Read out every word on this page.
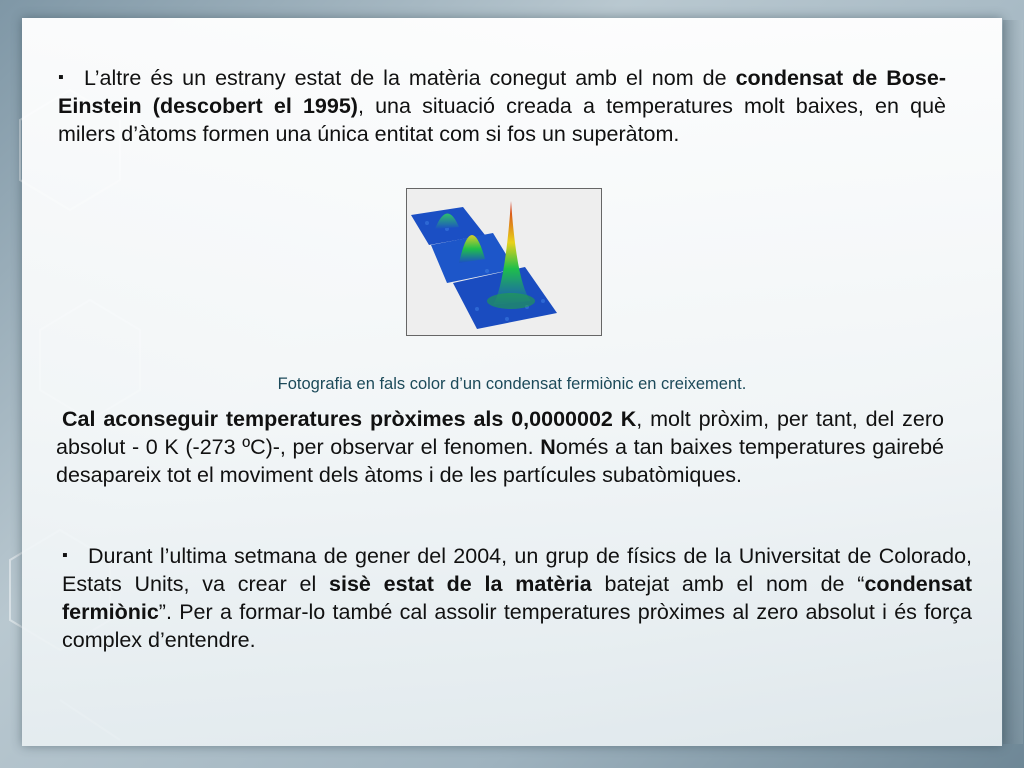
▪ L’altre és un estrany estat de la matèria conegut amb el nom de condensat de Bose-Einstein (descobert el 1995), una situació creada a temperatures molt baixes, en què milers d’àtoms formen una única entitat com si fos un superàtom.

Fotografia en fals color d’un condensat fermiònic en creixement.

Cal aconseguir temperatures pròximes als 0,0000002 K, molt pròxim, per tant, del zero absolut - 0 K (-273 ºC)-, per observar el fenomen. Només a tan baixes temperatures gairebé desapareix tot el moviment dels àtoms i de les partícules subatòmiques.

▪ Durant l’ultima setmana de gener del 2004, un grup de físics de la Universitat de Colorado, Estats Units, va crear el sisè estat de la matèria batejat amb el nom de “condensat fermiònic”. Per a formar-lo també cal assolir temperatures pròximes al zero absolut i és força complex d’entendre.
